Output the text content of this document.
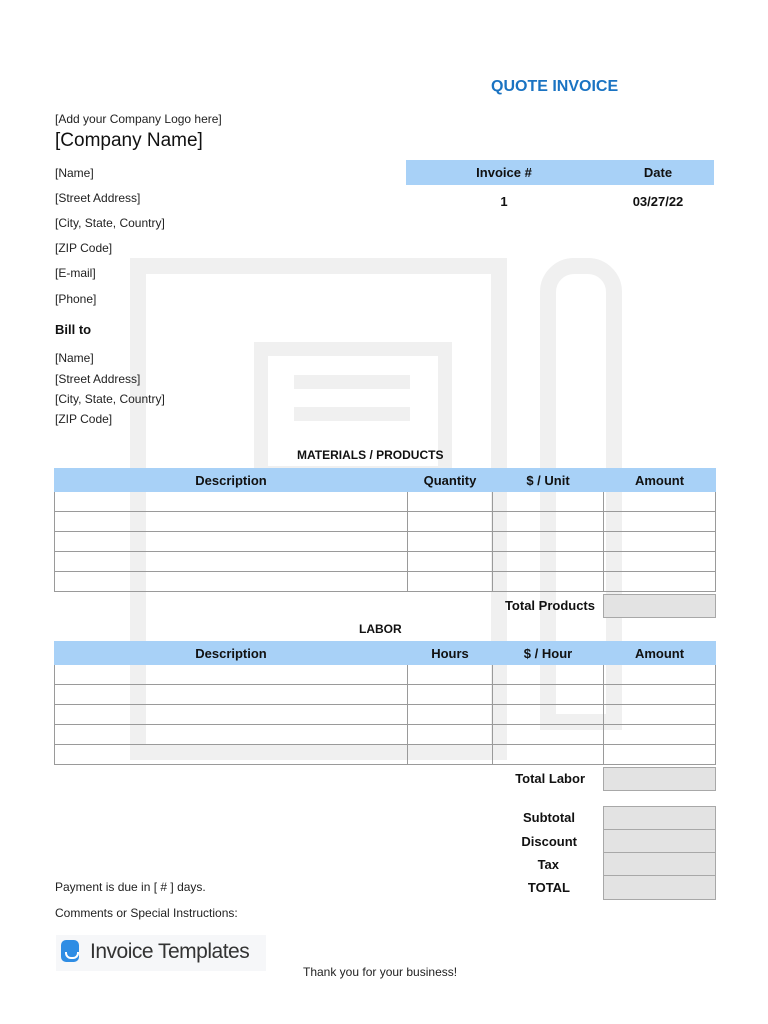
QUOTE INVOICE
[Add your Company Logo here]
[Company Name]
[Name]
[Street Address]
[City, State, Country]
[ZIP Code]
[E-mail]
[Phone]
Invoice #	Date
1	03/27/22
Bill to
[Name]
[Street Address]
[City, State, Country]
[ZIP Code]
MATERIALS / PRODUCTS
Description	Quantity	$ / Unit	Amount

Total Products
LABOR
Description	Hours	$ / Hour	Amount

Total Labor
Subtotal
Discount
Tax
TOTAL
Payment is due in [ # ] days.
Comments or Special Instructions:
Invoice Templates
Thank you for your business!
